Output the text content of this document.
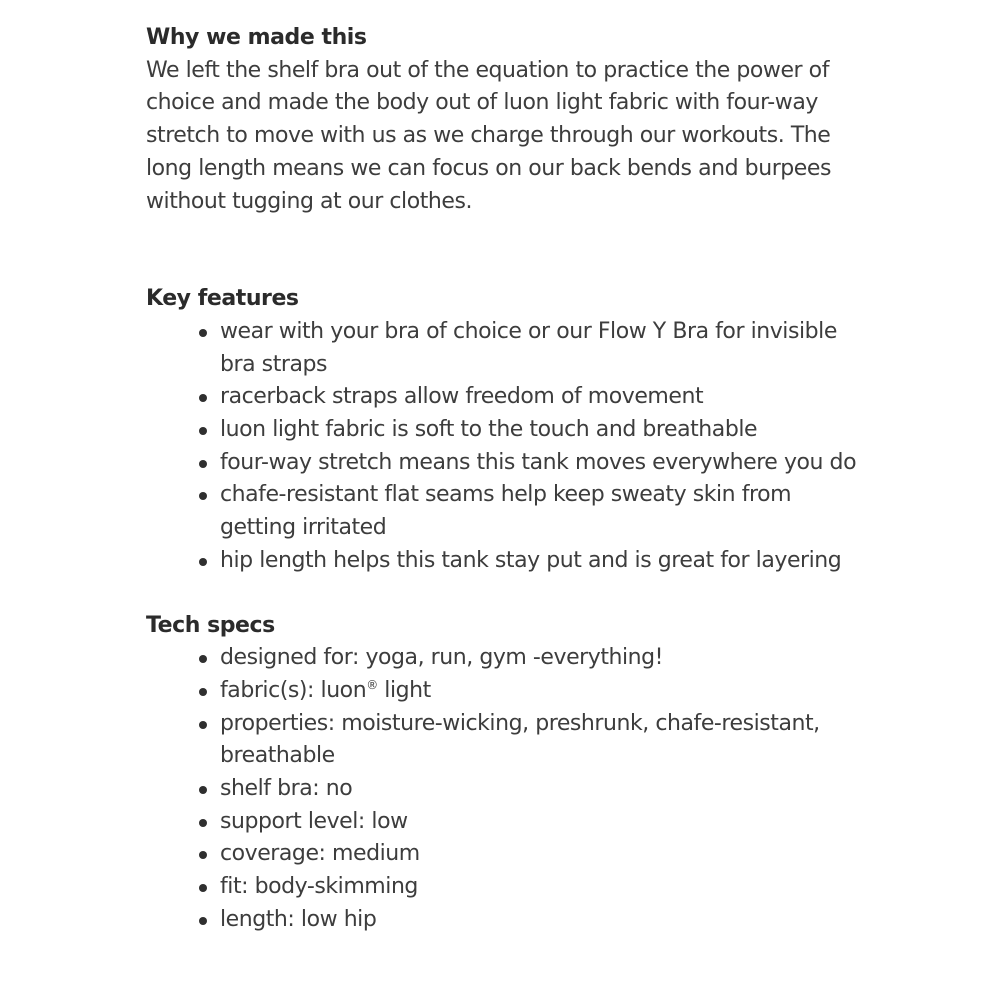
Why we made this

We left the shelf bra out of the equation to practice the power of choice and made the body out of luon light fabric with four-way stretch to move with us as we charge through our workouts. The long length means we can focus on our back bends and burpees without tugging at our clothes.

Key features
wear with your bra of choice or our Flow Y Bra for invisible bra straps
racerback straps allow freedom of movement
luon light fabric is soft to the touch and breathable
four-way stretch means this tank moves everywhere you do
chafe-resistant flat seams help keep sweaty skin from getting irritated
hip length helps this tank stay put and is great for layering
Tech specs
designed for: yoga, run, gym -everything!
fabric(s): luon® light
properties: moisture-wicking, preshrunk, chafe-resistant, breathable
shelf bra: no
support level: low
coverage: medium
fit: body-skimming
length: low hip
